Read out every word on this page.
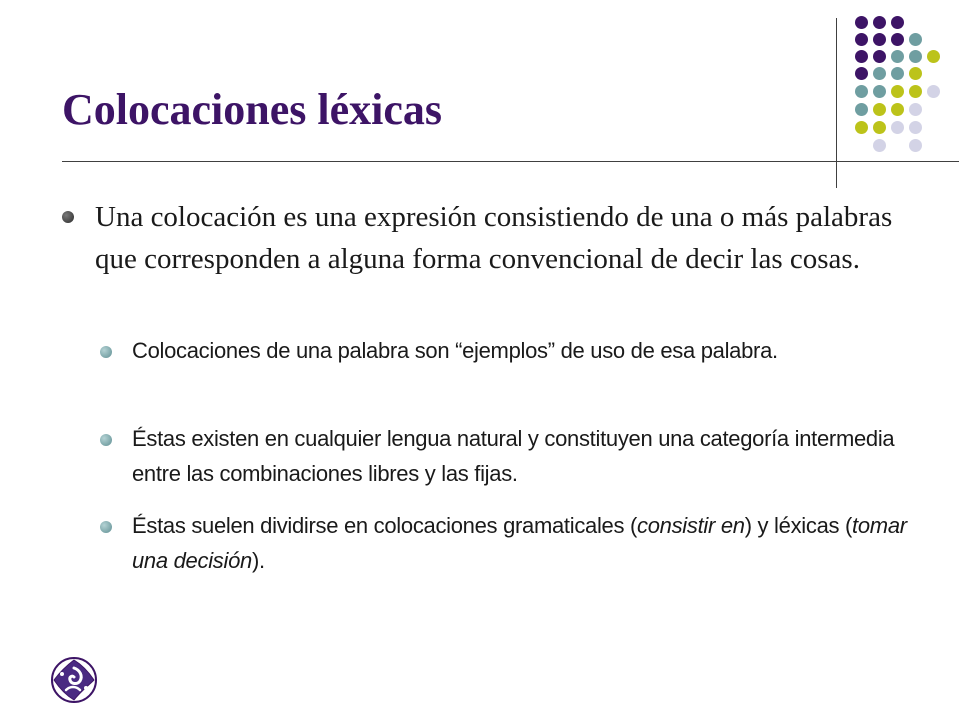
Colocaciones léxicas
Una colocación es una expresión consistiendo de una o más palabras que corresponden a alguna forma convencional de decir las cosas.
Colocaciones de una palabra son “ejemplos” de uso de esa palabra.
Éstas existen en cualquier lengua natural y constituyen una categoría intermedia entre las combinaciones libres y las fijas.
Éstas suelen dividirse en colocaciones gramaticales (consistir en) y léxicas (tomar una decisión).
